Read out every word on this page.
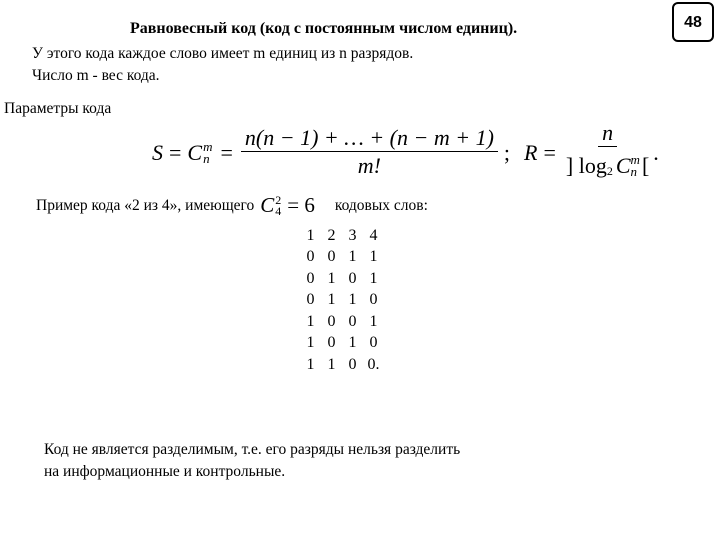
48
Равновесный код (код с постоянным числом единиц).
У этого кода каждое слово имеет m единиц из n разрядов.
Число m - вес кода.
Параметры кода
S = C m
$n = \frac{n(n - 1) + \dots + (n - m + 1)}{m!}$ ; R =
n
] log 2 C m
n [
.
Пример кода «2 из 4», имеющего C 2
4 = 6 кодовых слов:
1 2 3 4
0 0 1 1
0 1 0 1
0 1 1 0
1 0 0 1
1 0 1 0
1 1 0 0.
Код не является разделимым, т.е. его разряды нельзя разделить
на информационные и контрольные.
